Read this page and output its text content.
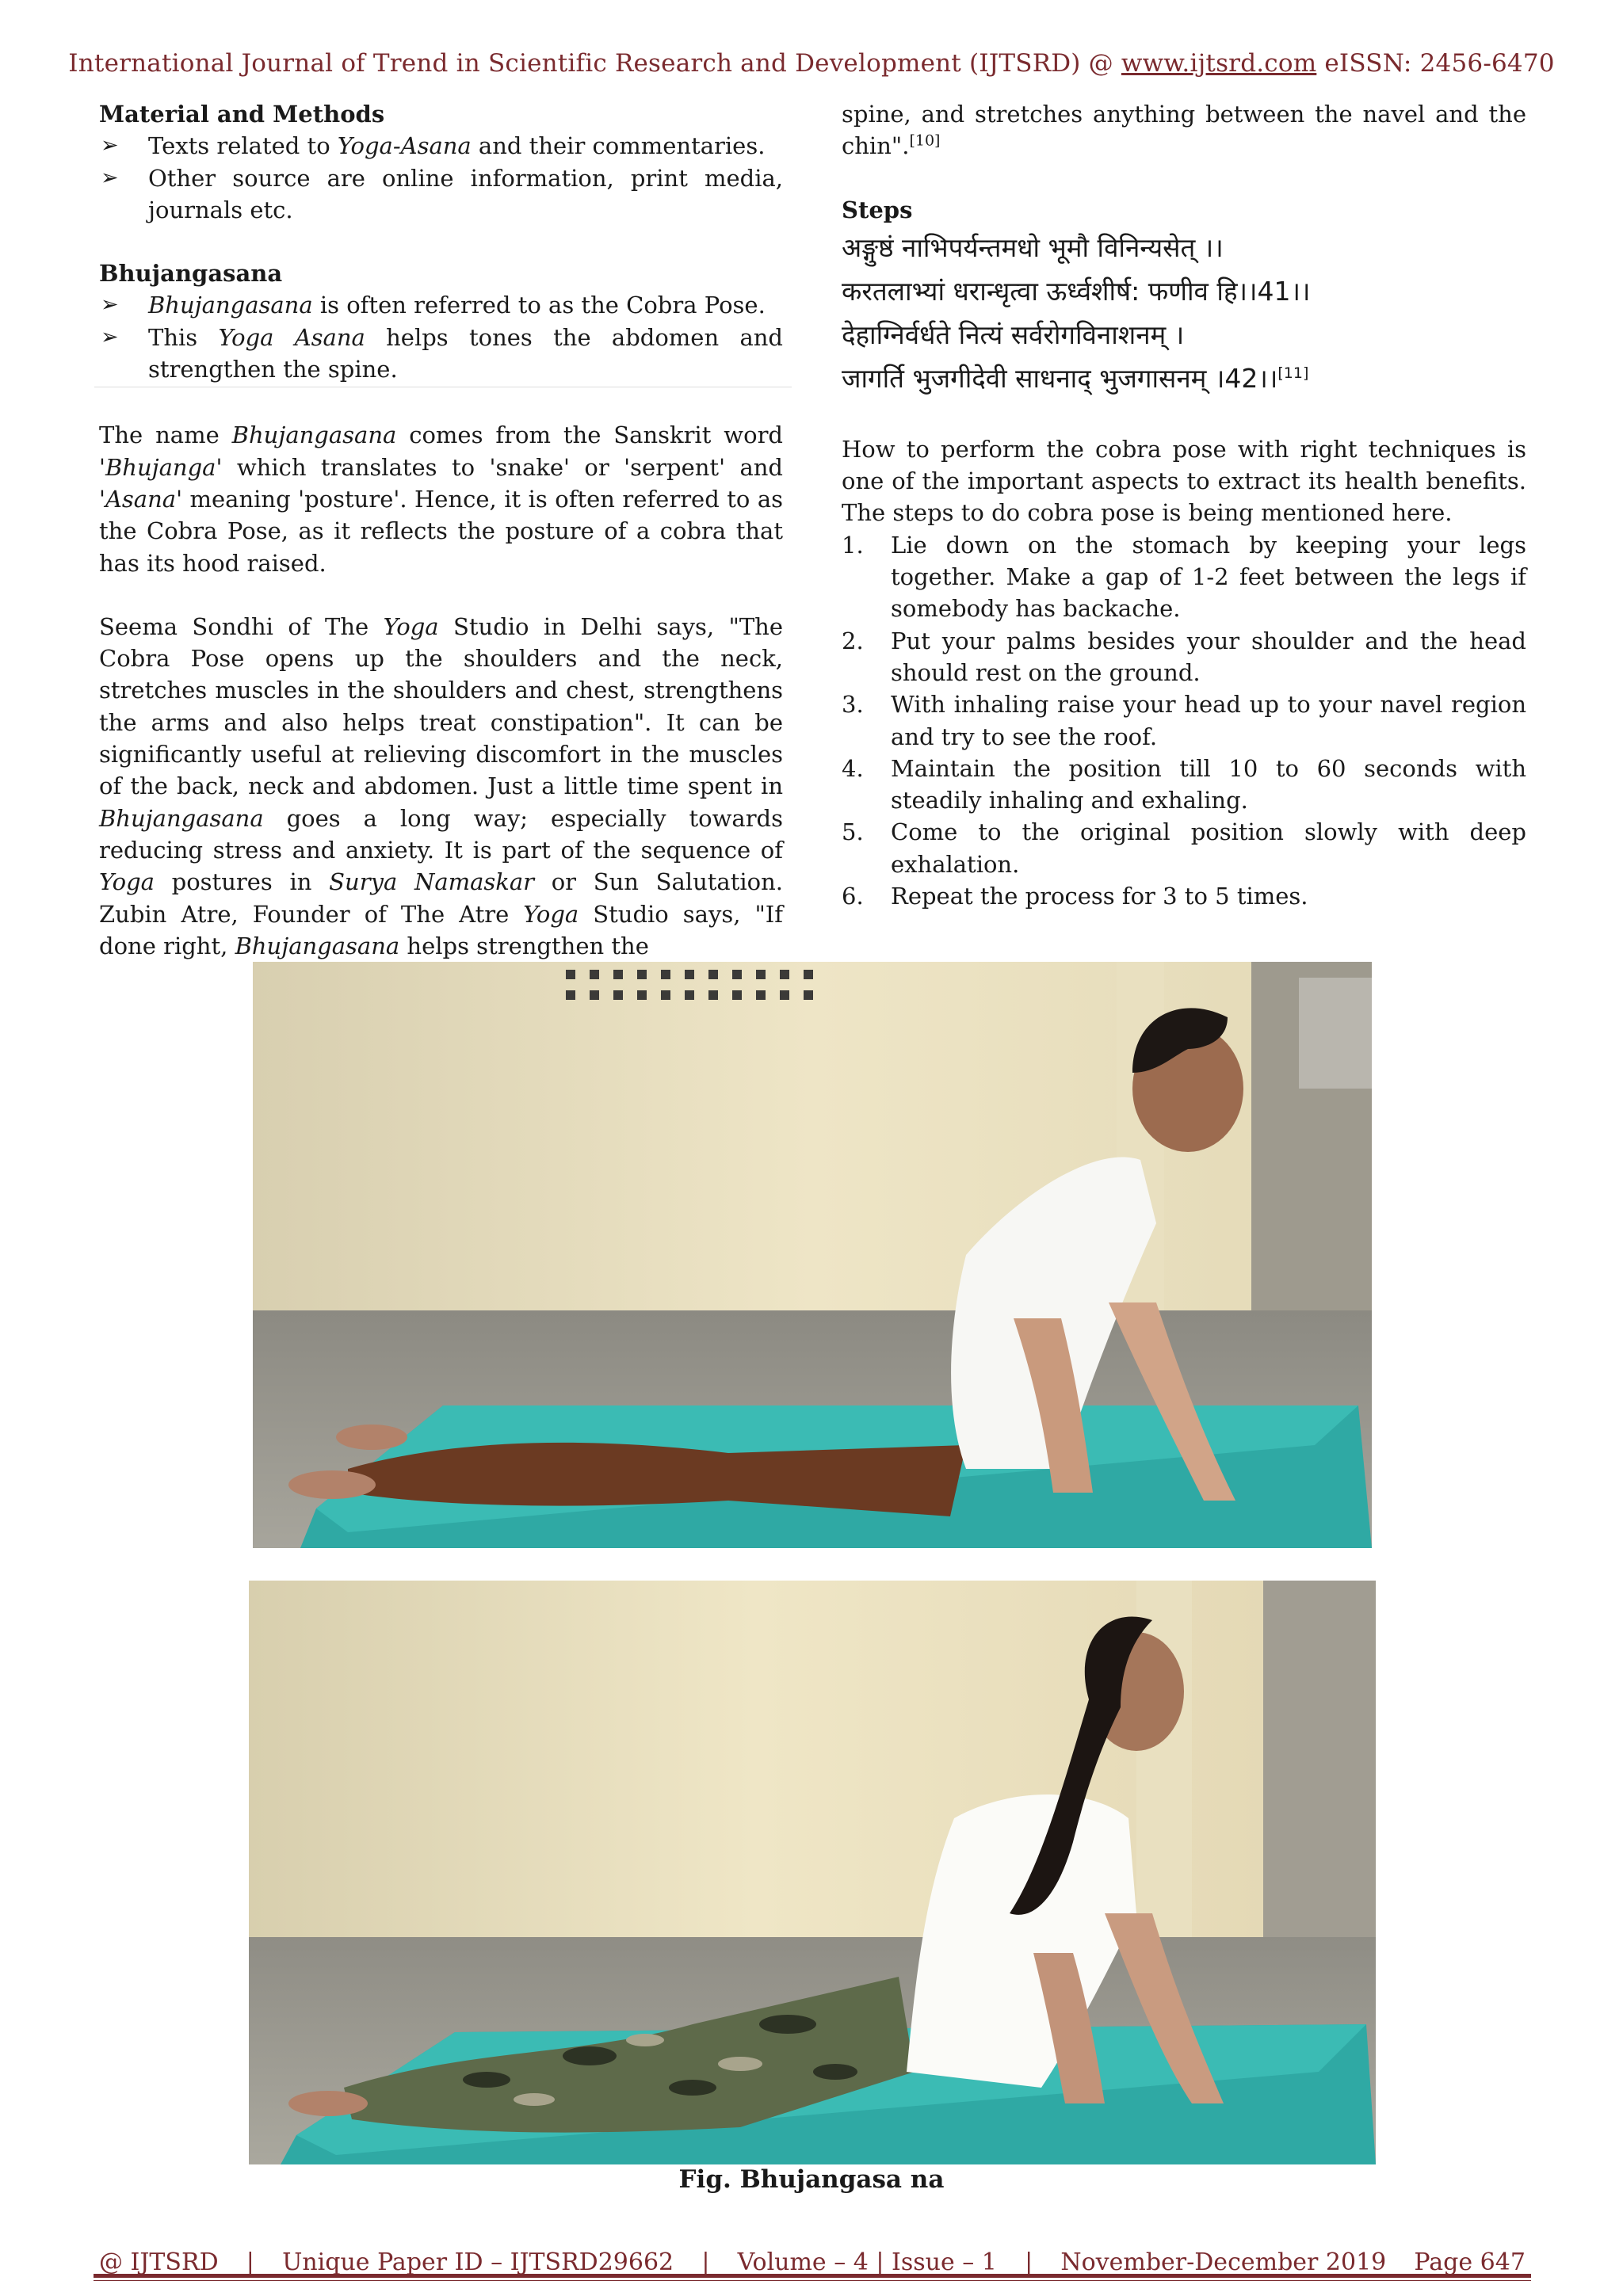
International Journal of Trend in Scientific Research and Development (IJTSRD) @ www.ijtsrd.com eISSN: 2456-6470
Material and Methods
➢ Texts related to Yoga-Asana and their commentaries.
➢ Other source are online information, print media, journals etc.
Bhujangasana
➢ Bhujangasana is often referred to as the Cobra Pose.
➢ This Yoga Asana helps tones the abdomen and strengthen the spine.

The name Bhujangasana comes from the Sanskrit word 'Bhujanga' which translates to 'snake' or 'serpent' and 'Asana' meaning 'posture'. Hence, it is often referred to as the Cobra Pose, as it reflects the posture of a cobra that has its hood raised.

Seema Sondhi of The Yoga Studio in Delhi says, "The Cobra Pose opens up the shoulders and the neck, stretches muscles in the shoulders and chest, strengthens the arms and also helps treat constipation". It can be significantly useful at relieving discomfort in the muscles of the back, neck and abdomen. Just a little time spent in Bhujangasana goes a long way; especially towards reducing stress and anxiety. It is part of the sequence of Yoga postures in Surya Namaskar or Sun Salutation. Zubin Atre, Founder of The Atre Yoga Studio says, "If done right, Bhujangasana helps strengthen the

spine, and stretches anything between the navel and the chin".[10]

Steps
अङ्गुष्ठं नाभिपर्यन्तमधो भूमौ विनिन्यसेत् ।।
करतलाभ्यां धरान्धृत्वा ऊर्ध्वशीर्ष: फणीव हि।।41।।
देहाग्निर्वर्धते नित्यं सर्वरोगविनाशनम् ।
जागर्ति भुजगीदेवी साधनाद् भुजगासनम् ।42।।[11]

How to perform the cobra pose with right techniques is one of the important aspects to extract its health benefits. The steps to do cobra pose is being mentioned here.

1. Lie down on the stomach by keeping your legs together. Make a gap of 1-2 feet between the legs if somebody has backache.
2. Put your palms besides your shoulder and the head should rest on the ground.
3. With inhaling raise your head up to your navel region and try to see the roof.
4. Maintain the position till 10 to 60 seconds with steadily inhaling and exhaling.
5. Come to the original position slowly with deep exhalation.
6. Repeat the process for 3 to 5 times.
Fig. Bhujangasa na
@ IJTSRD | Unique Paper ID – IJTSRD29662 | Volume – 4 | Issue – 1 | November-December 2019 Page 647
